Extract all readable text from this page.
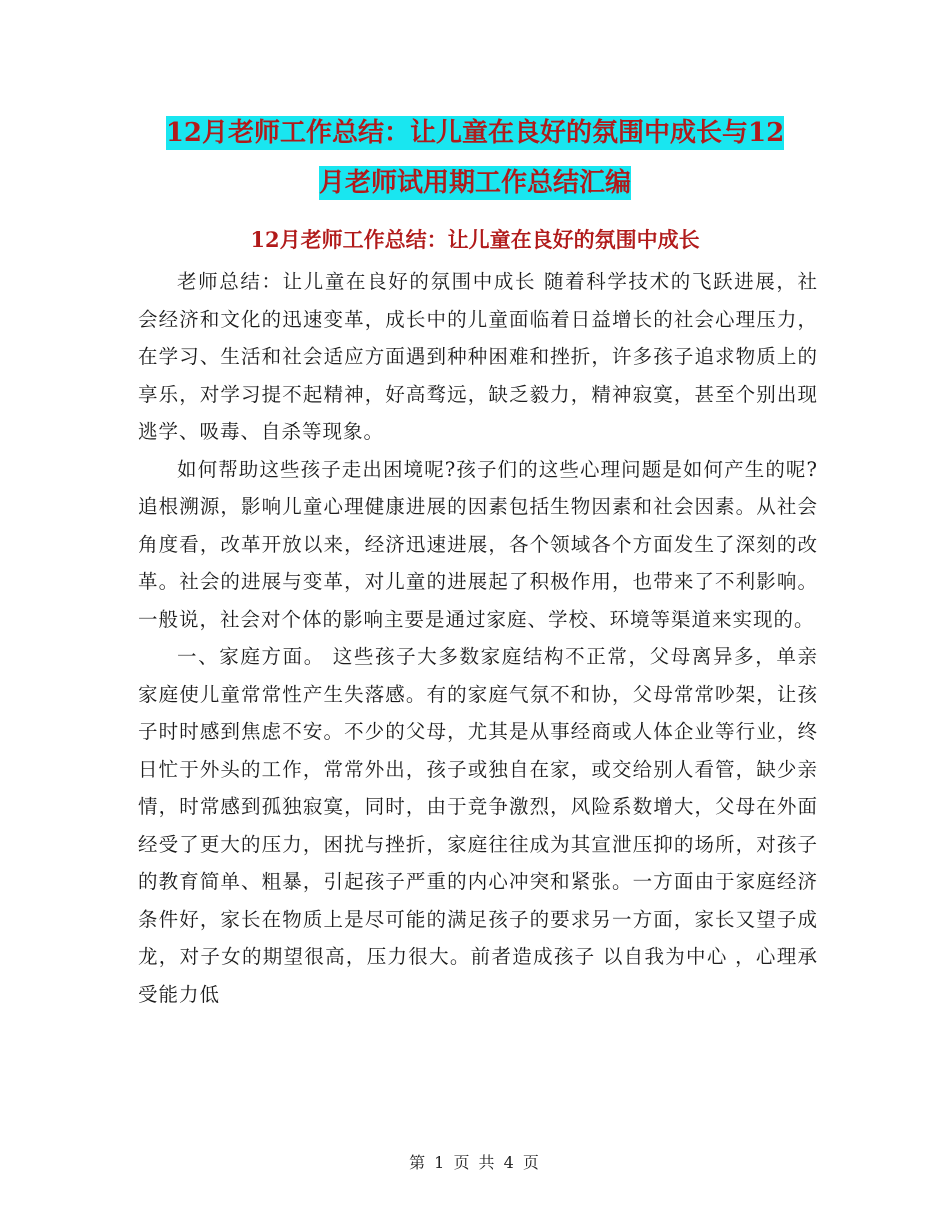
12月老师工作总结：让儿童在良好的氛围中成长与12
月老师试用期工作总结汇编
12月老师工作总结：让儿童在良好的氛围中成长

老师总结：让儿童在良好的氛围中成长 随着科学技术的飞跃进展，社会经济和文化的迅速变革，成长中的儿童面临着日益增长的社会心理压力，在学习、生活和社会适应方面遇到种种困难和挫折，许多孩子追求物质上的享乐，对学习提不起精神，好高骛远，缺乏毅力，精神寂寞，甚至个别出现逃学、吸毒、自杀等现象。

如何帮助这些孩子走出困境呢?孩子们的这些心理问题是如何产生的呢? 追根溯源，影响儿童心理健康进展的因素包括生物因素和社会因素。从社会角度看，改革开放以来，经济迅速进展，各个领域各个方面发生了深刻的改革。社会的进展与变革，对儿童的进展起了积极作用，也带来了不利影响。一般说，社会对个体的影响主要是通过家庭、学校、环境等渠道来实现的。

一、家庭方面。 这些孩子大多数家庭结构不正常，父母离异多，单亲家庭使儿童常常性产生失落感。有的家庭气氛不和协，父母常常吵架，让孩子时时感到焦虑不安。不少的父母，尤其是从事经商或人体企业等行业，终日忙于外头的工作，常常外出，孩子或独自在家，或交给别人看管，缺少亲情，时常感到孤独寂寞，同时，由于竞争激烈，风险系数增大，父母在外面经受了更大的压力，困扰与挫折，家庭往往成为其宣泄压抑的场所，对孩子的教育简单、粗暴，引起孩子严重的内心冲突和紧张。一方面由于家庭经济条件好，家长在物质上是尽可能的满足孩子的要求另一方面，家长又望子成龙，对子女的期望很高，压力很大。前者造成孩子 以自我为中心 ，心理承受能力低

第 1 页 共 4 页
